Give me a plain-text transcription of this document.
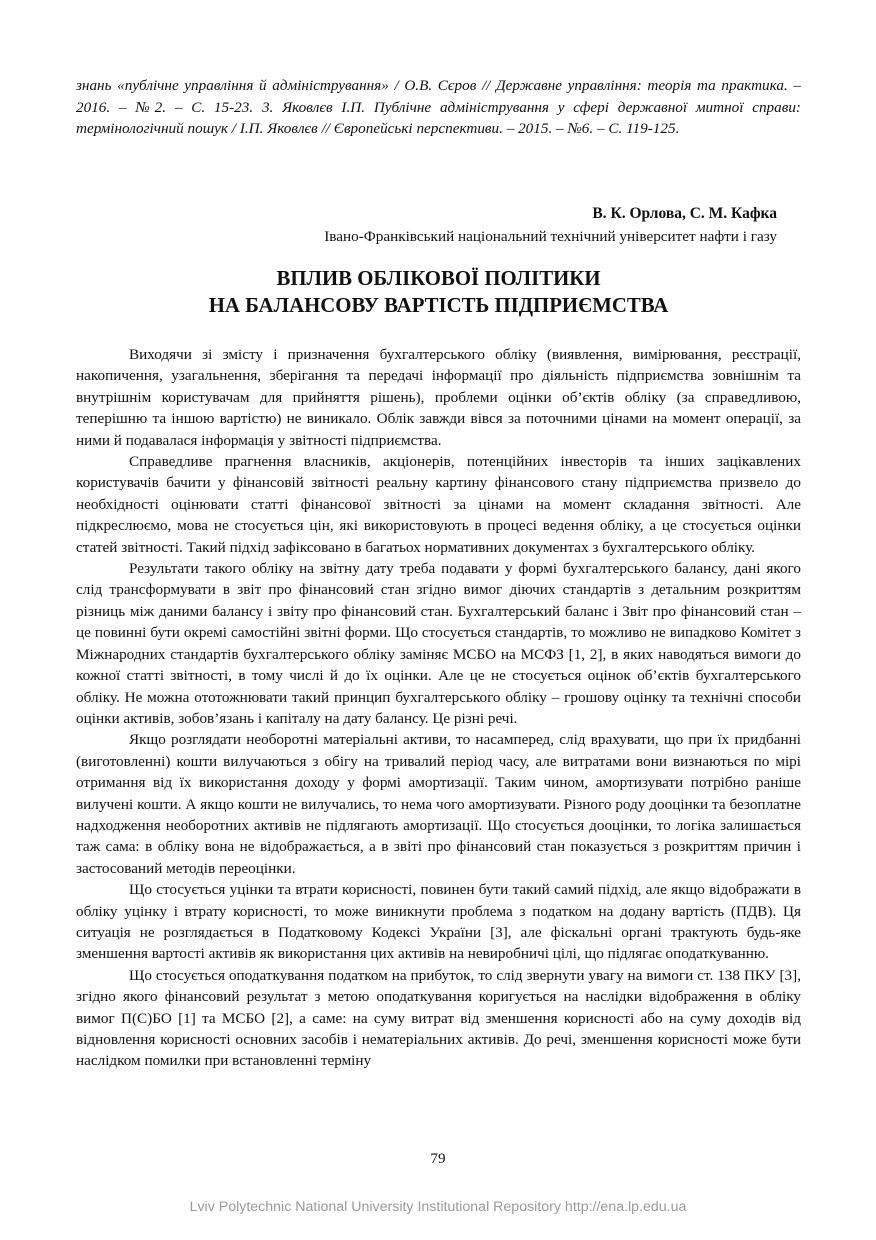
знань «публічне управління й адміністрування» / О.В. Сєров // Державне управління: теорія та практика. – 2016. – №2. – С. 15-23. 3. Яковлєв І.П. Публічне адміністрування у сфері державної митної справи: термінологічний пошук / І.П. Яковлєв // Європейські перспективи. – 2015. – №6. – С. 119-125.

В. К. Орлова, С. М. Кафка

Івано-Франківський національний технічний університет нафти і газу

ВПЛИВ ОБЛІКОВОЇ ПОЛІТИКИ
НА БАЛАНСОВУ ВАРТІСТЬ ПІДПРИЄМСТВА

Виходячи зі змісту і призначення бухгалтерського обліку (виявлення, вимірювання, реєстрації, накопичення, узагальнення, зберігання та передачі інформації про діяльність підприємства зовнішнім та внутрішнім користувачам для прийняття рішень), проблеми оцінки об’єктів обліку (за справедливою, теперішню та іншою вартістю) не виникало. Облік завжди вівся за поточними цінами на момент операції, за ними й подавалася інформація у звітності підприємства.

Справедливе прагнення власників, акціонерів, потенційних інвесторів та інших зацікавлених користувачів бачити у фінансовій звітності реальну картину фінансового стану підприємства призвело до необхідності оцінювати статті фінансової звітності за цінами на момент складання звітності. Але підкреслюємо, мова не стосується цін, які використовують в процесі ведення обліку, а це стосується оцінки статей звітності. Такий підхід зафіксовано в багатьох нормативних документах з бухгалтерського обліку.

Результати такого обліку на звітну дату треба подавати у формі бухгалтерського балансу, дані якого слід трансформувати в звіт про фінансовий стан згідно вимог діючих стандартів з детальним розкриттям різниць між даними балансу і звіту про фінансовий стан. Бухгалтерський баланс і Звіт про фінансовий стан – це повинні бути окремі самостійні звітні форми. Що стосується стандартів, то можливо не випадково Комітет з Міжнародних стандартів бухгалтерського обліку заміняє МСБО на МСФЗ [1, 2], в яких наводяться вимоги до кожної статті звітності, в тому числі й до їх оцінки. Але це не стосується оцінок об’єктів бухгалтерського обліку. Не можна ототожнювати такий принцип бухгалтерського обліку – грошову оцінку та технічні способи оцінки активів, зобов’язань і капіталу на дату балансу. Це різні речі.

Якщо розглядати необоротні матеріальні активи, то насамперед, слід врахувати, що при їх придбанні (виготовленні) кошти вилучаються з обігу на тривалий період часу, але витратами вони визнаються по мірі отримання від їх використання доходу у формі амортизації. Таким чином, амортизувати потрібно раніше вилучені кошти. А якщо кошти не вилучались, то нема чого амортизувати. Різного роду дооцінки та безоплатне надходження необоротних активів не підлягають амортизації. Що стосується дооцінки, то логіка залишається таж сама: в обліку вона не відображається, а в звіті про фінансовий стан показується з розкриттям причин і застосований методів переоцінки.

Що стосується уцінки та втрати корисності, повинен бути такий самий підхід, але якщо відображати в обліку уцінку і втрату корисності, то може виникнути проблема з податком на додану вартість (ПДВ). Ця ситуація не розглядається в Податковому Кодексі України [3], але фіскальні органі трактують будь-яке зменшення вартості активів як використання цих активів на невиробничі цілі, що підлягає оподаткуванню.

Що стосується оподаткування податком на прибуток, то слід звернути увагу на вимоги ст. 138 ПКУ [3], згідно якого фінансовий результат з метою оподаткування коригується на наслідки відображення в обліку вимог П(С)БО [1] та МСБО [2], а саме: на суму витрат від зменшення корисності або на суму доходів від відновлення корисності основних засобів і нематеріальних активів. До речі, зменшення корисності може бути наслідком помилки при встановленні терміну

79

Lviv Polytechnic National University Institutional Repository http://ena.lp.edu.ua
